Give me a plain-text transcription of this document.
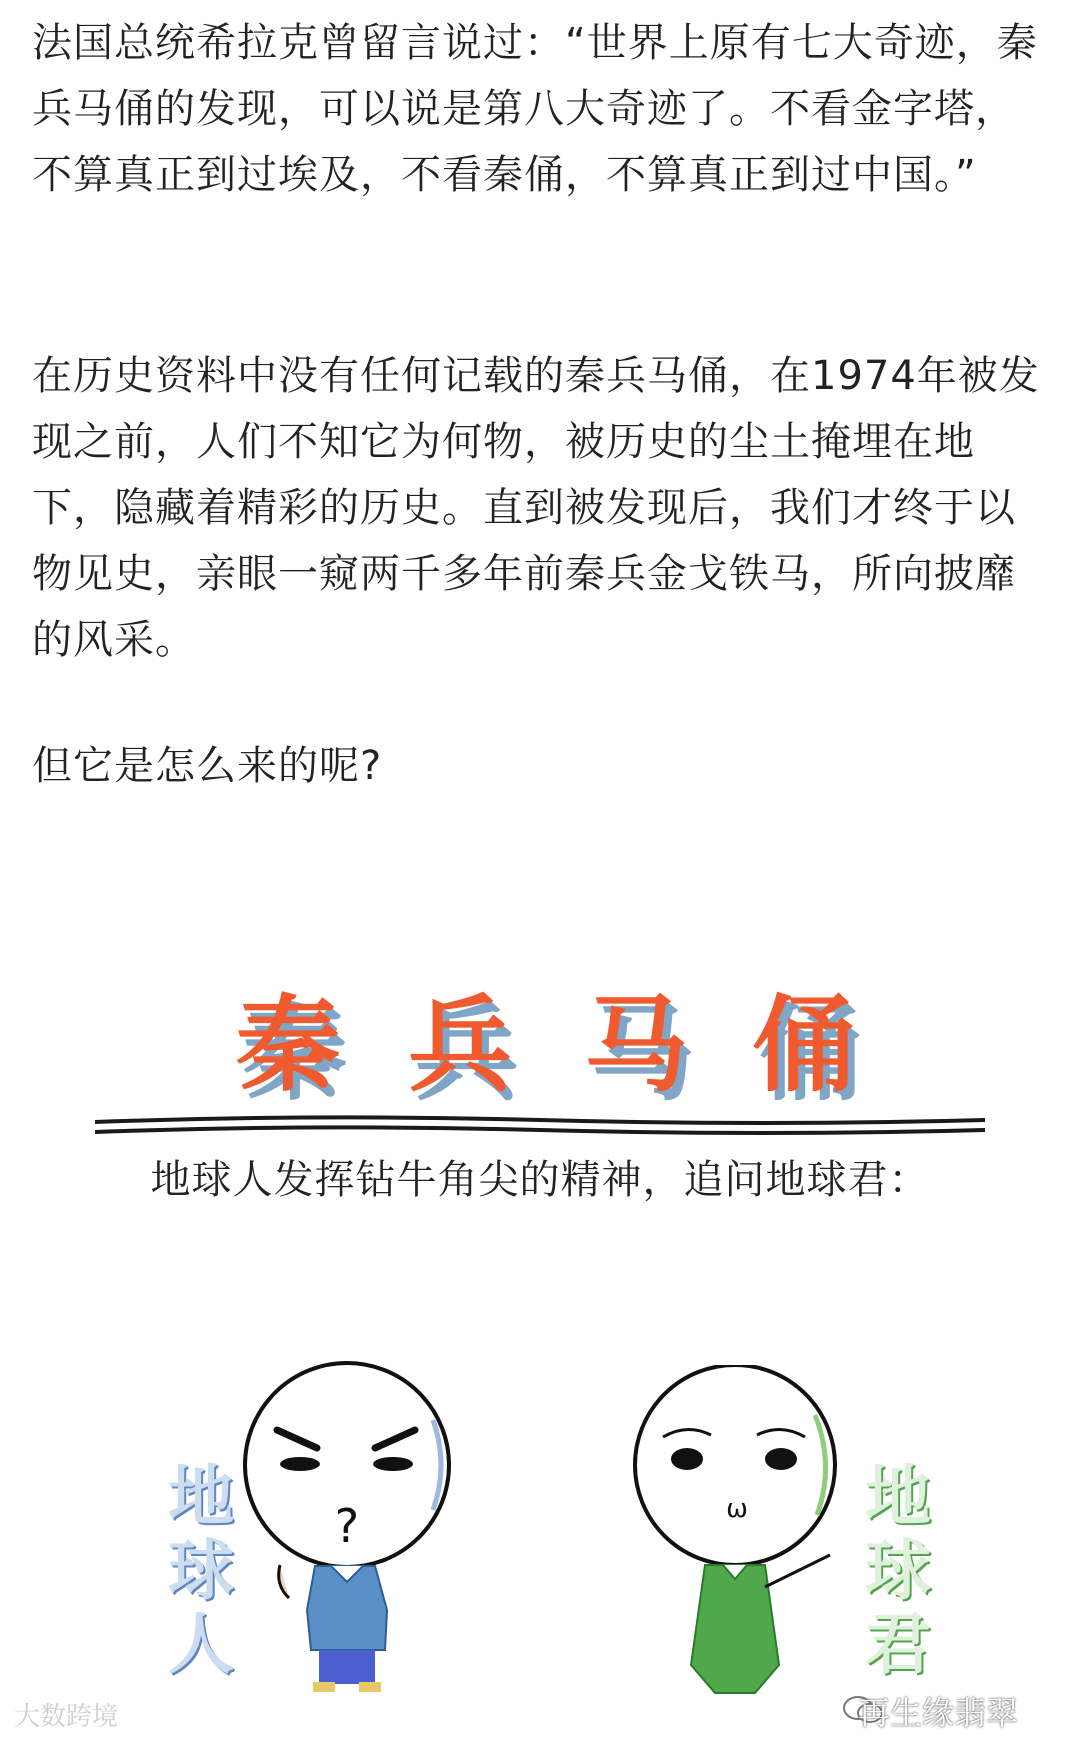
法国总统希拉克曾留言说过：“世界上原有七大奇迹，秦兵马俑的发现，可以说是第八大奇迹了。不看金字塔，不算真正到过埃及，不看秦俑，不算真正到过中国。”

在历史资料中没有任何记载的秦兵马俑，在1974年被发现之前，人们不知它为何物，被历史的尘土掩埋在地下，隐藏着精彩的历史。直到被发现后，我们才终于以物见史，亲眼一窥两千多年前秦兵金戈铁马，所向披靡的风采。

但它是怎么来的呢?

秦 兵 马 俑
地球人发挥钻牛角尖的精神，追问地球君：
?
地
球
人
ω 地
球
君
大数跨境	再生缘翡翠
